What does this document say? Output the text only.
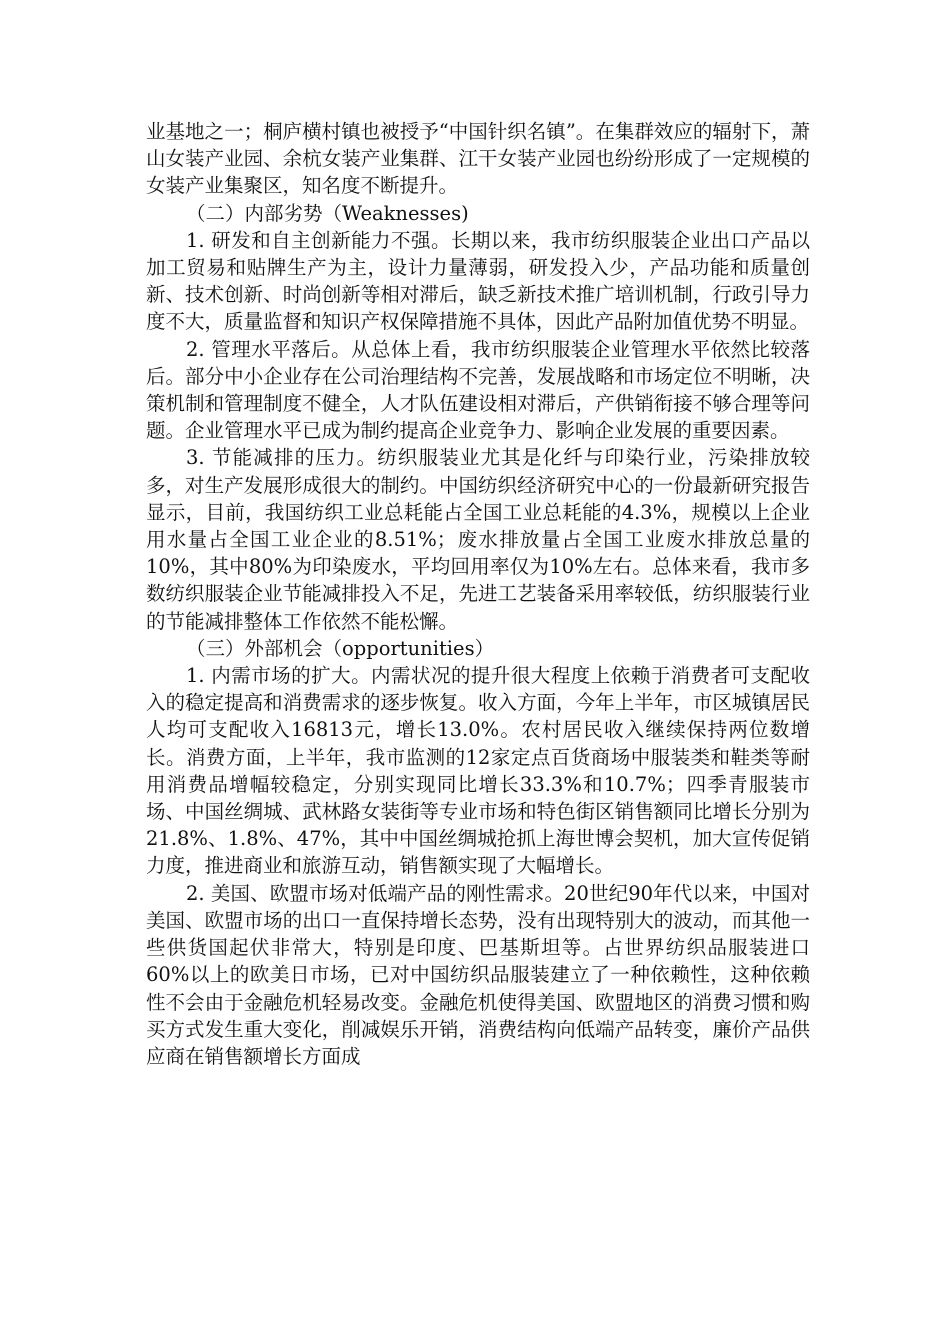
业基地之一；桐庐横村镇也被授予“中国针织名镇”。在集群效应的辐射下，萧山女装产业园、余杭女装产业集群、江干女装产业园也纷纷形成了一定规模的女装产业集聚区，知名度不断提升。

（二）内部劣势（Weaknesses)

1. 研发和自主创新能力不强。长期以来，我市纺织服装企业出口产品以加工贸易和贴牌生产为主，设计力量薄弱，研发投入少，产品功能和质量创新、技术创新、时尚创新等相对滞后，缺乏新技术推广培训机制，行政引导力度不大，质量监督和知识产权保障措施不具体，因此产品附加值优势不明显。

2. 管理水平落后。从总体上看，我市纺织服装企业管理水平依然比较落后。部分中小企业存在公司治理结构不完善，发展战略和市场定位不明晰，决策机制和管理制度不健全，人才队伍建设相对滞后，产供销衔接不够合理等问题。企业管理水平已成为制约提高企业竞争力、影响企业发展的重要因素。

3. 节能减排的压力。纺织服装业尤其是化纤与印染行业，污染排放较多，对生产发展形成很大的制约。中国纺织经济研究中心的一份最新研究报告显示，目前，我国纺织工业总耗能占全国工业总耗能的4.3%，规模以上企业用水量占全国工业企业的8.51%；废水排放量占全国工业废水排放总量的10%，其中80%为印染废水，平均回用率仅为10%左右。总体来看，我市多数纺织服装企业节能减排投入不足，先进工艺装备采用率较低，纺织服装行业的节能减排整体工作依然不能松懈。

（三）外部机会（opportunities）

1. 内需市场的扩大。内需状况的提升很大程度上依赖于消费者可支配收入的稳定提高和消费需求的逐步恢复。收入方面，今年上半年，市区城镇居民人均可支配收入16813元，增长13.0%。农村居民收入继续保持两位数增长。消费方面，上半年，我市监测的12家定点百货商场中服装类和鞋类等耐用消费品增幅较稳定，分别实现同比增长33.3%和10.7%；四季青服装市场、中国丝绸城、武林路女装街等专业市场和特色街区销售额同比增长分别为21.8%、1.8%、47%，其中中国丝绸城抢抓上海世博会契机，加大宣传促销力度，推进商业和旅游互动，销售额实现了大幅增长。

2. 美国、欧盟市场对低端产品的刚性需求。20世纪90年代以来，中国对美国、欧盟市场的出口一直保持增长态势，没有出现特别大的波动，而其他一些供货国起伏非常大，特别是印度、巴基斯坦等。占世界纺织品服装进口60%以上的欧美日市场，已对中国纺织品服装建立了一种依赖性，这种依赖性不会由于金融危机轻易改变。金融危机使得美国、欧盟地区的消费习惯和购买方式发生重大变化，削减娱乐开销，消费结构向低端产品转变，廉价产品供应商在销售额增长方面成
